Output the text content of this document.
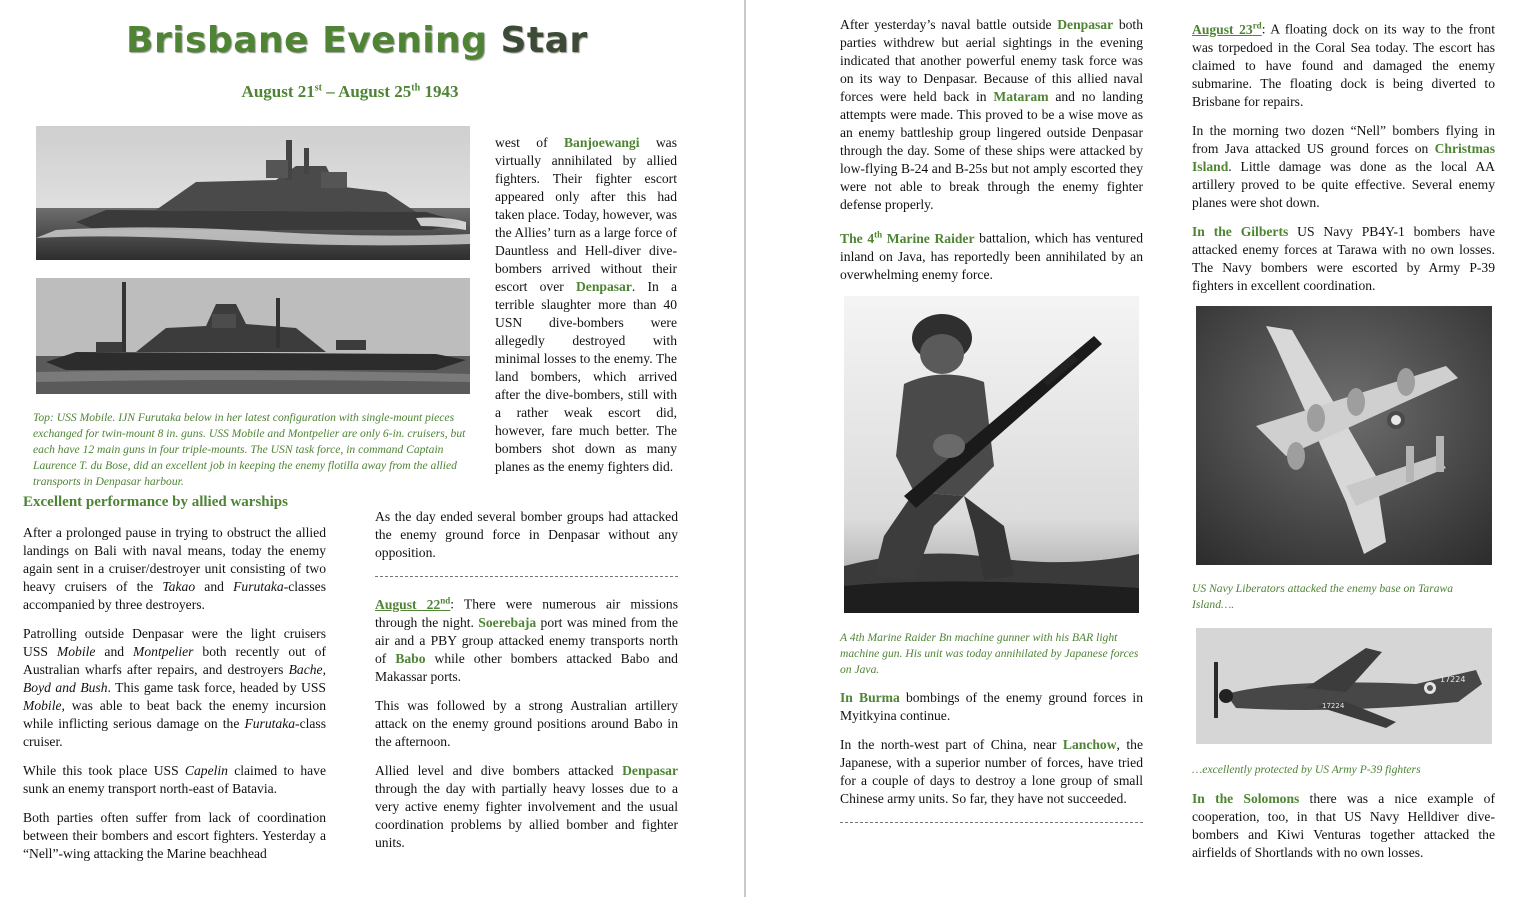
Brisbane Evening Star
August 21st – August 25th 1943

Top: USS Mobile. IJN Furutaka below in her latest configuration with single-mount pieces exchanged for twin-mount 8 in. guns. USS Mobile and Montpelier are only 6-in. cruisers, but each have 12 main guns in four triple-mounts. The USN task force, in command Captain Laurence T. du Bose, did an excellent job in keeping the enemy flotilla away from the allied transports in Denpasar harbour.

west of Banjoewangi was virtually annihilated by allied fighters. Their fighter escort appeared only after this had taken place. Today, however, was the Allies’ turn as a large force of Dauntless and Hell-diver dive-bombers arrived without their escort over Denpasar. In a terrible slaughter more than 40 USN dive-bombers were allegedly destroyed with minimal losses to the enemy. The land bombers, which arrived after the dive-bombers, still with a rather weak escort did, however, fare much better. The bombers shot down as many planes as the enemy fighters did.
Excellent performance by allied warships

After a prolonged pause in trying to obstruct the allied landings on Bali with naval means, today the enemy again sent in a cruiser/destroyer unit consisting of two heavy cruisers of the Takao and Furutaka-classes accompanied by three destroyers.

Patrolling outside Denpasar were the light cruisers USS Mobile and Montpelier both recently out of Australian wharfs after repairs, and destroyers Bache, Boyd and Bush. This game task force, headed by USS Mobile, was able to beat back the enemy incursion while inflicting serious damage on the Furutaka-class cruiser.

While this took place USS Capelin claimed to have sunk an enemy transport north-east of Batavia.

Both parties often suffer from lack of coordination between their bombers and escort fighters. Yesterday a “Nell”-wing attacking the Marine beachhead

As the day ended several bomber groups had attacked the enemy ground force in Denpasar without any opposition.

August 22nd: There were numerous air missions through the night. Soerebaja port was mined from the air and a PBY group attacked enemy transports north of Babo while other bombers attacked Babo and Makassar ports.

This was followed by a strong Australian artillery attack on the enemy ground positions around Babo in the afternoon.

Allied level and dive bombers attacked Denpasar through the day with partially heavy losses due to a very active enemy fighter involvement and the usual coordination problems by allied bomber and fighter units.

After yesterday’s naval battle outside Denpasar both parties withdrew but aerial sightings in the evening indicated that another powerful enemy task force was on its way to Denpasar. Because of this allied naval forces were held back in Mataram and no landing attempts were made. This proved to be a wise move as an enemy battleship group lingered outside Denpasar through the day. Some of these ships were attacked by low-flying B-24 and B-25s but not amply escorted they were not able to break through the enemy fighter defense properly.

The 4th Marine Raider battalion, which has ventured inland on Java, has reportedly been annihilated by an overwhelming enemy force.

A 4th Marine Raider Bn machine gunner with his BAR light machine gun. His unit was today annihilated by Japanese forces on Java.

In Burma bombings of the enemy ground forces in Myitkyina continue.

In the north-west part of China, near Lanchow, the Japanese, with a superior number of forces, have tried for a couple of days to destroy a lone group of small Chinese army units. So far, they have not succeeded.

August 23rd: A floating dock on its way to the front was torpedoed in the Coral Sea today. The escort has claimed to have found and damaged the enemy submarine. The floating dock is being diverted to Brisbane for repairs.

In the morning two dozen “Nell” bombers flying in from Java attacked US ground forces on Christmas Island. Little damage was done as the local AA artillery proved to be quite effective. Several enemy planes were shot down.

In the Gilberts US Navy PB4Y-1 bombers have attacked enemy forces at Tarawa with no own losses. The Navy bombers were escorted by Army P-39 fighters in excellent coordination.

US Navy Liberators attacked the enemy base on Tarawa Island….

17224
17224

…excellently protected by US Army P-39 fighters

In the Solomons there was a nice example of cooperation, too, in that US Navy Helldiver dive-bombers and Kiwi Venturas together attacked the airfields of Shortlands with no own losses.
